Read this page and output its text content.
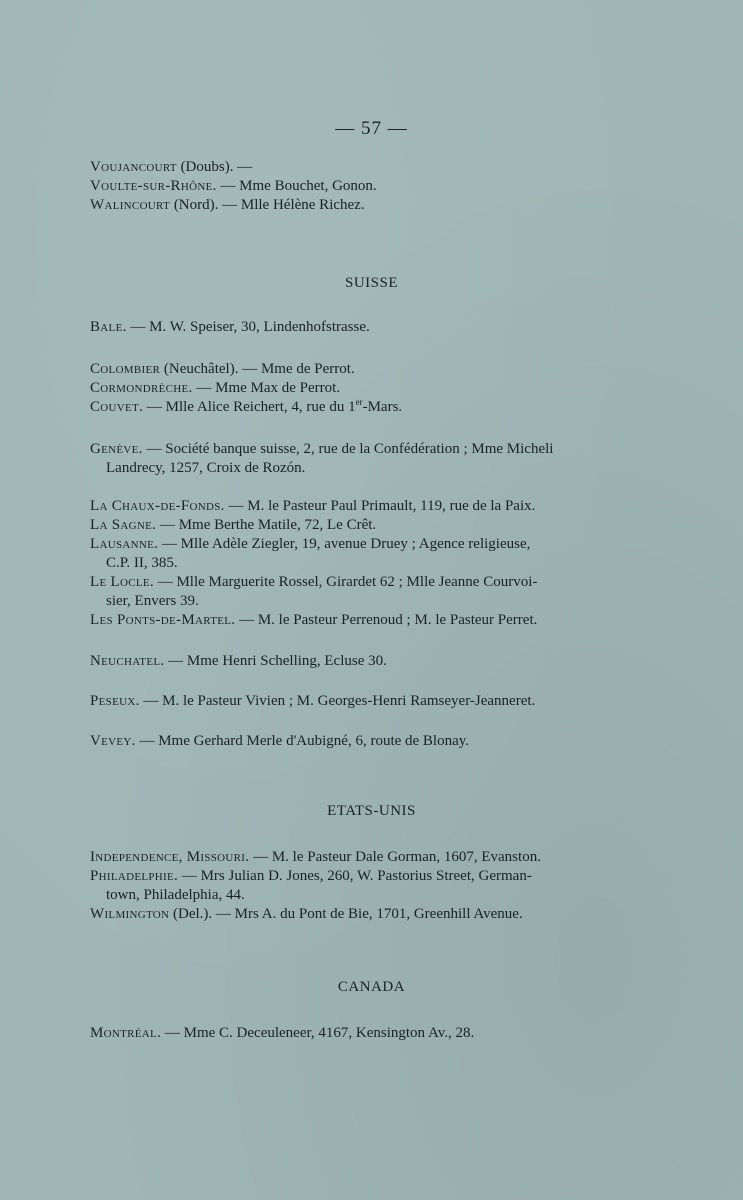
— 57 —

Voujancourt (Doubs). —

Voulte-sur-Rhône. — Mme Bouchet, Gonon.

Walincourt (Nord). — Mlle Hélène Richez.

SUISSE

Bale. — M. W. Speiser, 30, Lindenhofstrasse.

Colombier (Neuchâtel). — Mme de Perrot.

Cormondrèche. — Mme Max de Perrot.

Couvet. — Mlle Alice Reichert, 4, rue du 1er-Mars.

Genève. — Société banque suisse, 2, rue de la Confédération ; Mme Micheli

Landrecy, 1257, Croix de Rozón.

La Chaux-de-Fonds. — M. le Pasteur Paul Primault, 119, rue de la Paix.

La Sagne. — Mme Berthe Matile, 72, Le Crêt.

Lausanne. — Mlle Adèle Ziegler, 19, avenue Druey ; Agence religieuse,

C.P. II, 385.

Le Locle. — Mlle Marguerite Rossel, Girardet 62 ; Mlle Jeanne Courvoi-

sier, Envers 39.

Les Ponts-de-Martel. — M. le Pasteur Perrenoud ; M. le Pasteur Perret.

Neuchatel. — Mme Henri Schelling, Ecluse 30.

Peseux. — M. le Pasteur Vivien ; M. Georges-Henri Ramseyer-Jeanneret.

Vevey. — Mme Gerhard Merle d'Aubigné, 6, route de Blonay.

ETATS-UNIS

Independence, Missouri. — M. le Pasteur Dale Gorman, 1607, Evanston.

Philadelphie. — Mrs Julian D. Jones, 260, W. Pastorius Street, German-

town, Philadelphia, 44.

Wilmington (Del.). — Mrs A. du Pont de Bie, 1701, Greenhill Avenue.

CANADA

Montréal. — Mme C. Deceuleneer, 4167, Kensington Av., 28.
